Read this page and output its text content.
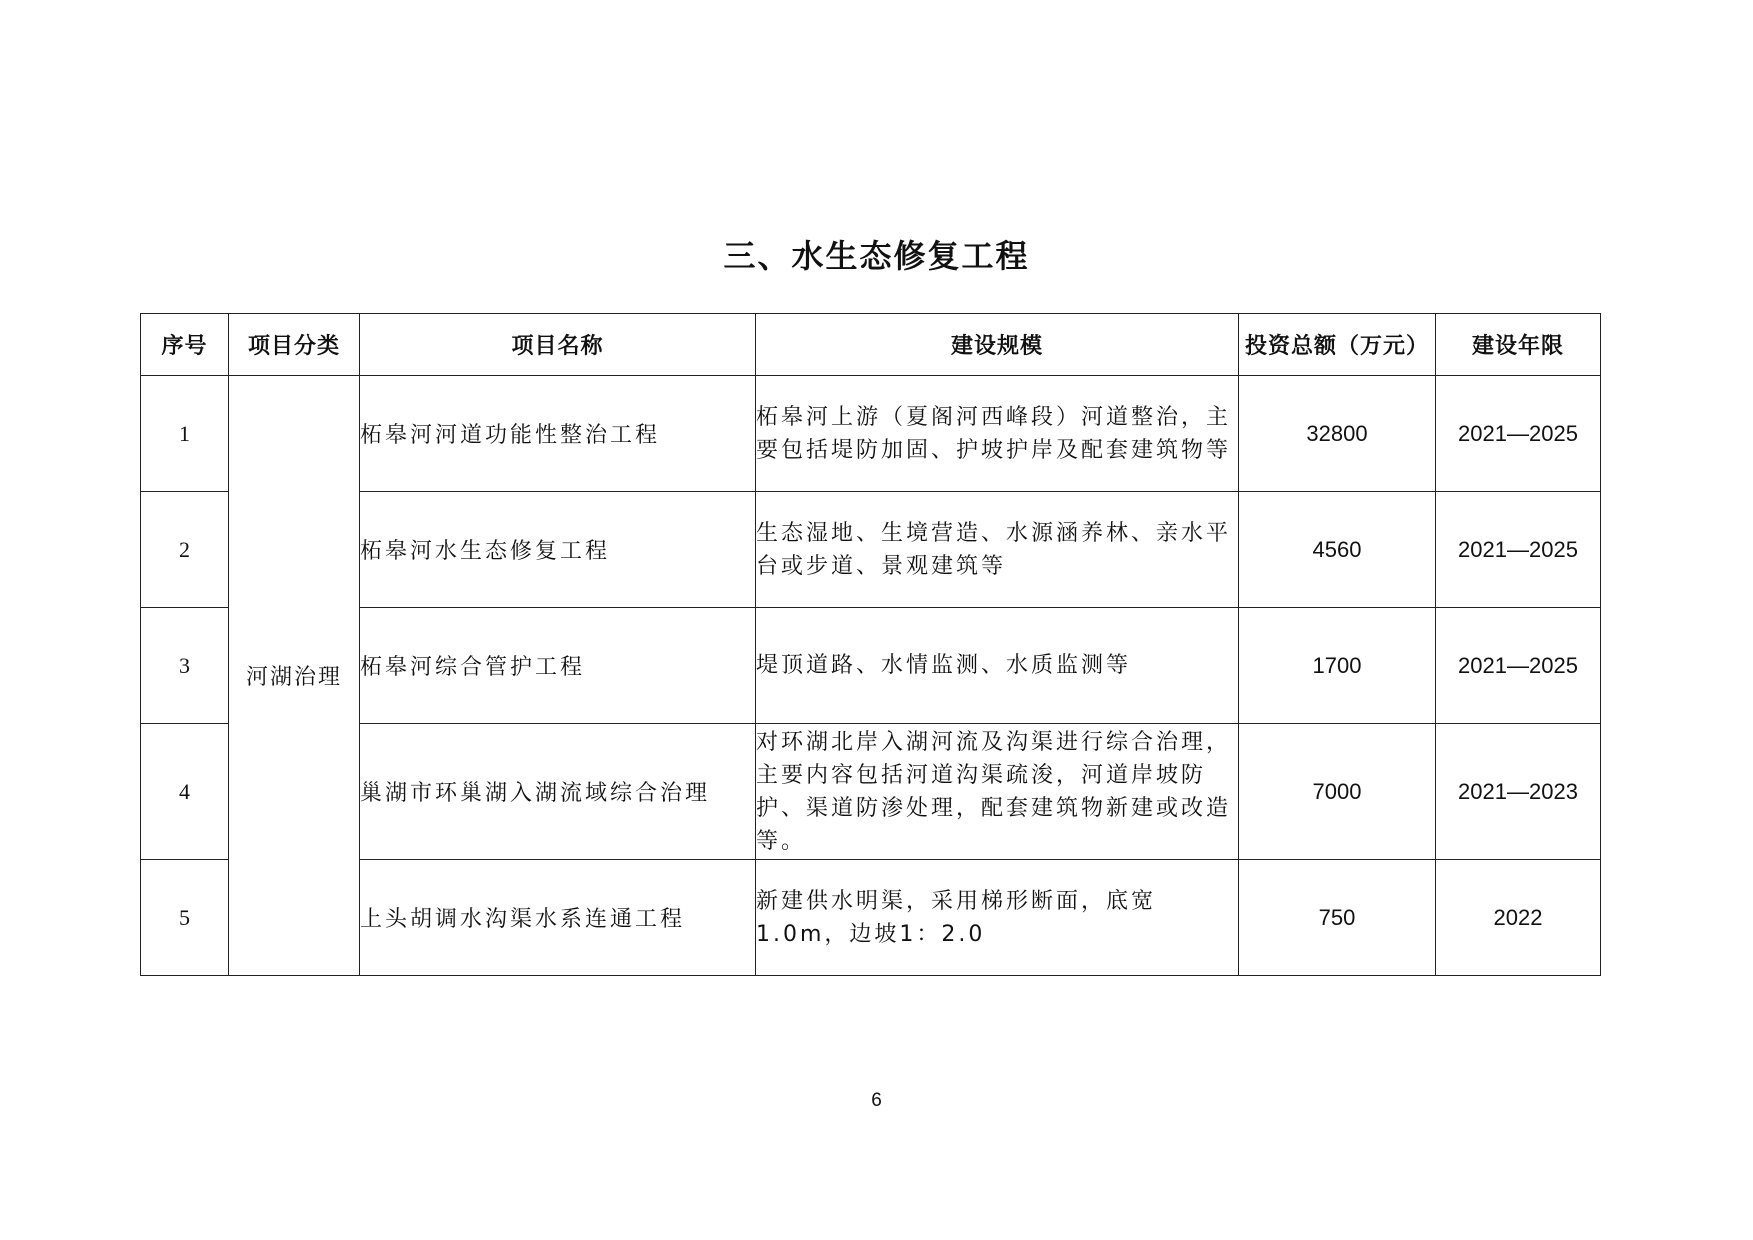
三、水生态修复工程
序号	项目分类	项目名称	建设规模	投资总额（万元）	建设年限
1	河湖治理	柘皋河河道功能性整治工程	柘皋河上游（夏阁河西峰段）河道整治，主要包括堤防加固、护坡护岸及配套建筑物等	32800	2021—2025
2		柘皋河水生态修复工程	生态湿地、生境营造、水源涵养林、亲水平台或步道、景观建筑等	4560	2021—2025
3		柘皋河综合管护工程	堤顶道路、水情监测、水质监测等	1700	2021—2025
4		巢湖市环巢湖入湖流域综合治理	对环湖北岸入湖河流及沟渠进行综合治理，主要内容包括河道沟渠疏浚，河道岸坡防护、渠道防渗处理，配套建筑物新建或改造等。	7000	2021—2023
5		上头胡调水沟渠水系连通工程	新建供水明渠，采用梯形断面，底宽1.0m，边坡1：2.0	750	2022
6
